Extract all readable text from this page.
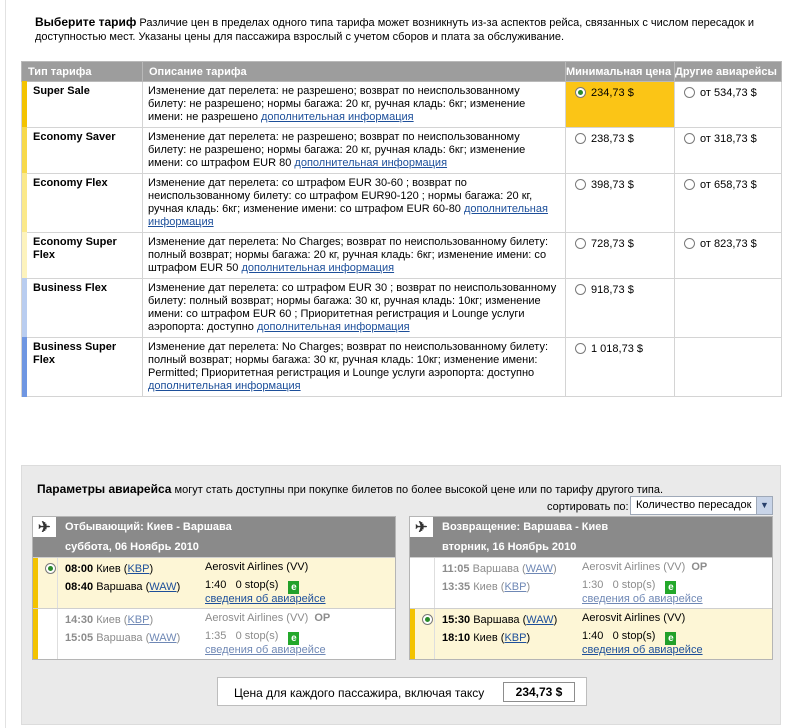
Выберите тариф Различие цен в пределах одного типа тарифа может возникнуть из-за аспектов рейса, связанных с числом пересадок и доступностью мест. Указаны цены для пассажира взрослый с учетом сборов и плата за обслуживание.
Тип тарифа	Описание тарифа	Минимальная цена	Другие авиарейсы

Super Sale	Изменение дат перелета: не разрешено; возврат по неиспользованному билету: не разрешено; нормы багажа: 20 кг, ручная кладь: 6кг; изменение имени: не разрешено дополнительная информация	234,73 $	от 534,73 $

Economy Saver	Изменение дат перелета: не разрешено; возврат по неиспользованному билету: не разрешено; нормы багажа: 20 кг, ручная кладь: 6кг; изменение имени: со штрафом EUR 80 дополнительная информация	238,73 $	от 318,73 $

Economy Flex	Изменение дат перелета: со штрафом EUR 30-60 ; возврат по неиспользованному билету: со штрафом EUR90-120 ; нормы багажа: 20 кг, ручная кладь: 6кг; изменение имени: со штрафом EUR 60-80 дополнительная информация	398,73 $	от 658,73 $

Economy Super Flex	Изменение дат перелета: No Charges; возврат по неиспользованному билету: полный возврат; нормы багажа: 20 кг, ручная кладь: 6кг; изменение имени: со штрафом EUR 50 дополнительная информация	728,73 $	от 823,73 $

Business Flex	Изменение дат перелета: со штрафом EUR 30 ; возврат по неиспользованному билету: полный возврат; нормы багажа: 30 кг, ручная кладь: 10кг; изменение имени: со штрафом EUR 60 ; Приоритетная регистрация и Lounge услуги аэропорта: доступно дополнительная информация	918,73 $	

Business Super Flex	Изменение дат перелета: No Charges; возврат по неиспользованному билету: полный возврат; нормы багажа: 30 кг, ручная кладь: 10кг; изменение имени: Permitted; Приоритетная регистрация и Lounge услуги аэропорта: доступно дополнительная информация	1 018,73 $	
Параметры авиарейса могут стать доступны при покупке билетов по более высокой цене или по тарифу другого типа.
сортировать по: Количество пересадок ▼
✈ Отбывающий: Киев - Варшава
суббота, 06 Ноябрь 2010
08:00 Киев (KBP)
08:40 Варшава (WAW)
Aerosvit Airlines (VV)
1:40   0 stop(s) e
сведения об авиарейсе
14:30 Киев (KBP)
15:05 Варшава (WAW)
Aerosvit Airlines (VV) OP
1:35   0 stop(s) e
сведения об авиарейсе
✈ Возвращение: Варшава - Киев
вторник, 16 Ноябрь 2010
11:05 Варшава (WAW)
13:35 Киев (KBP)
Aerosvit Airlines (VV) OP
1:30   0 stop(s) e
сведения об авиарейсе
15:30 Варшава (WAW)
18:10 Киев (KBP)
Aerosvit Airlines (VV)
1:40   0 stop(s) e
сведения об авиарейсе
Цена для каждого пассажира, включая таксу	234,73 $
